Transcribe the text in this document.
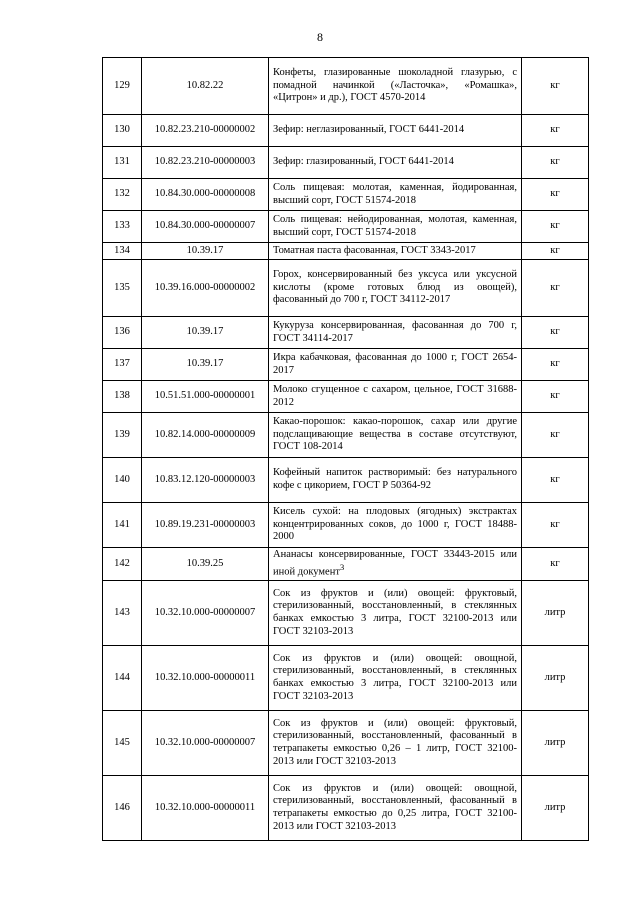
8
129	10.82.22	Конфеты, глазированные шоколадной глазурью, с помадной начинкой («Ласточка», «Ромашка», «Цитрон» и др.), ГОСТ 4570-2014	кг
130	10.82.23.210-00000002	Зефир: неглазированный, ГОСТ 6441-2014	кг
131	10.82.23.210-00000003	Зефир: глазированный, ГОСТ 6441-2014	кг
132	10.84.30.000-00000008	Соль пищевая: молотая, каменная, йодированная, высший сорт, ГОСТ 51574-2018	кг
133	10.84.30.000-00000007	Соль пищевая: нейодированная, молотая, каменная, высший сорт, ГОСТ 51574-2018	кг
134	10.39.17	Томатная паста фасованная, ГОСТ 3343-2017	кг
135	10.39.16.000-00000002	Горох, консервированный без уксуса или уксусной кислоты (кроме готовых блюд из овощей), фасованный до 700 г, ГОСТ 34112-2017	кг
136	10.39.17	Кукуруза консервированная, фасованная до 700 г, ГОСТ 34114-2017	кг
137	10.39.17	Икра кабачковая, фасованная до 1000 г, ГОСТ 2654-2017	кг
138	10.51.51.000-00000001	Молоко сгущенное с сахаром, цельное, ГОСТ 31688-2012	кг
139	10.82.14.000-00000009	Какао-порошок: какао-порошок, сахар или другие подслащивающие вещества в составе отсутствуют, ГОСТ 108-2014	кг
140	10.83.12.120-00000003	Кофейный напиток растворимый: без натурального кофе с цикорием, ГОСТ Р 50364-92	кг
141	10.89.19.231-00000003	Кисель сухой: на плодовых (ягодных) экстрактах концентрированных соков, до 1000 г, ГОСТ 18488-2000	кг
142	10.39.25	Ананасы консервированные, ГОСТ 33443-2015 или иной документ$^3$	кг
143	10.32.10.000-00000007	Сок из фруктов и (или) овощей: фруктовый, стерилизованный, восстановленный, в стеклянных банках емкостью 3 литра, ГОСТ 32100-2013 или ГОСТ 32103-2013	литр
144	10.32.10.000-00000011	Сок из фруктов и (или) овощей: овощной, стерилизованный, восстановленный, в стеклянных банках емкостью 3 литра, ГОСТ 32100-2013 или ГОСТ 32103-2013	литр
145	10.32.10.000-00000007	Сок из фруктов и (или) овощей: фруктовый, стерилизованный, восстановленный, фасованный в тетрапакеты емкостью 0,26 – 1 литр, ГОСТ 32100-2013 или ГОСТ 32103-2013	литр
146	10.32.10.000-00000011	Сок из фруктов и (или) овощей: овощной, стерилизованный, восстановленный, фасованный в тетрапакеты емкостью до 0,25 литра, ГОСТ 32100-2013 или ГОСТ 32103-2013	литр
